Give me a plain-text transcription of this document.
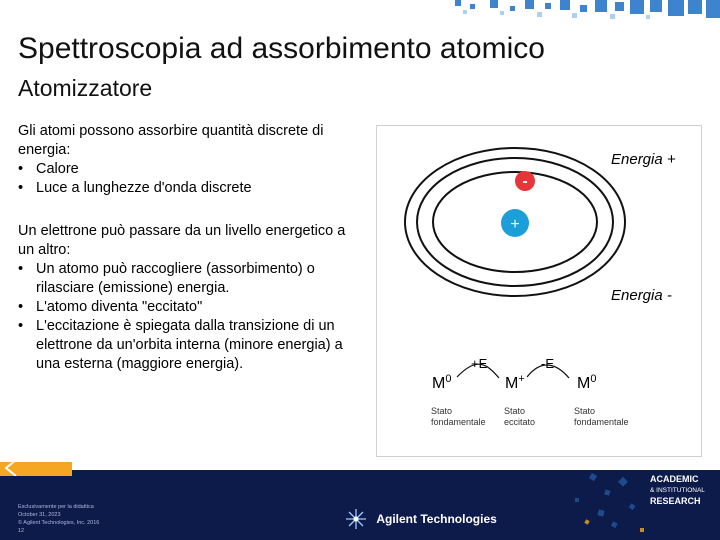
Spettroscopia ad assorbimento atomico
Atomizzatore

Gli atomi possono assorbire quantità discrete di energia:

• Calore
• Luce a lunghezze d'onda discrete

Un elettrone può passare da un livello energetico a un altro:

• Un atomo può raccogliere (assorbimento) o rilasciare (emissione) energia.
• L'atomo diventa "eccitato"
• L'eccitazione è spiegata dalla transizione di un elettrone da un'orbita interna (minore energia) a una esterna (maggiore energia).
-
+
Energia +
Energia -
+E	-E
$M^0$	M+	$M^0$
Stato fondamentale
Stato eccitato
Stato fondamentale
Esclusivamente per la didattica
October 31, 2023
© Agilent Technologies, Inc. 2016
12
Agilent Technologies
ACADEMIC
& INSTITUTIONAL
RESEARCH
